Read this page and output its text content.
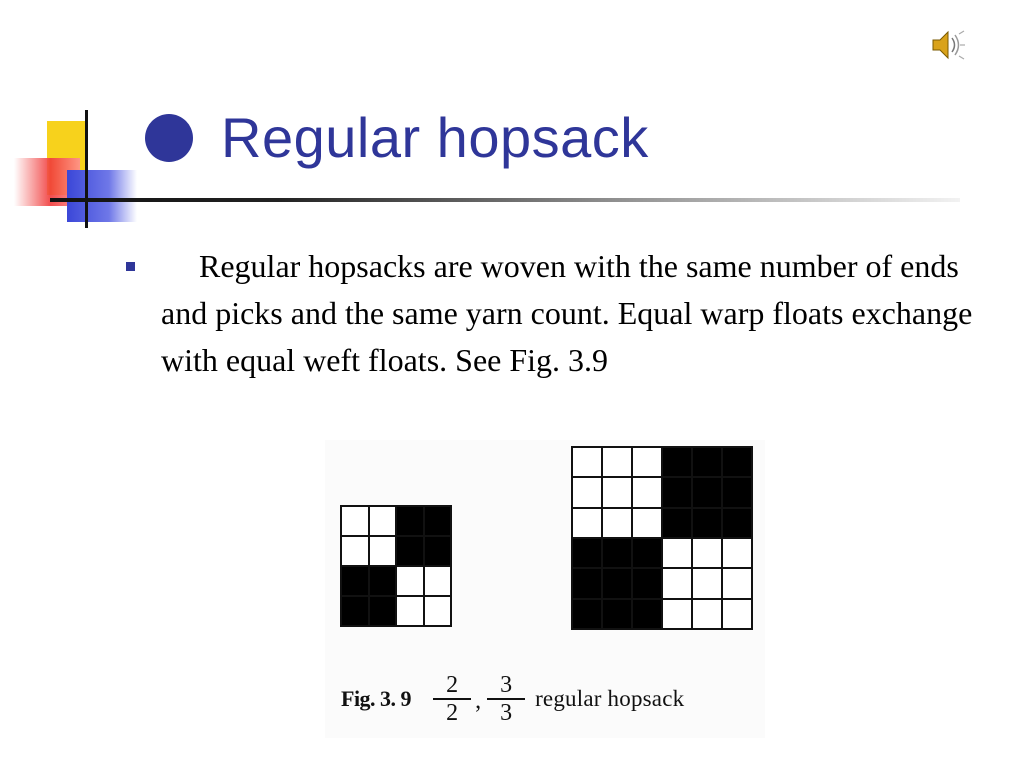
Regular hopsack
Regular hopsacks are woven with the same number of ends and picks and the same yarn count. Equal warp floats exchange with equal weft floats. See Fig. 3.9
Fig. 3. $9 \frac{2}{2}$ , $\frac{3}{3}$ regular hopsack
